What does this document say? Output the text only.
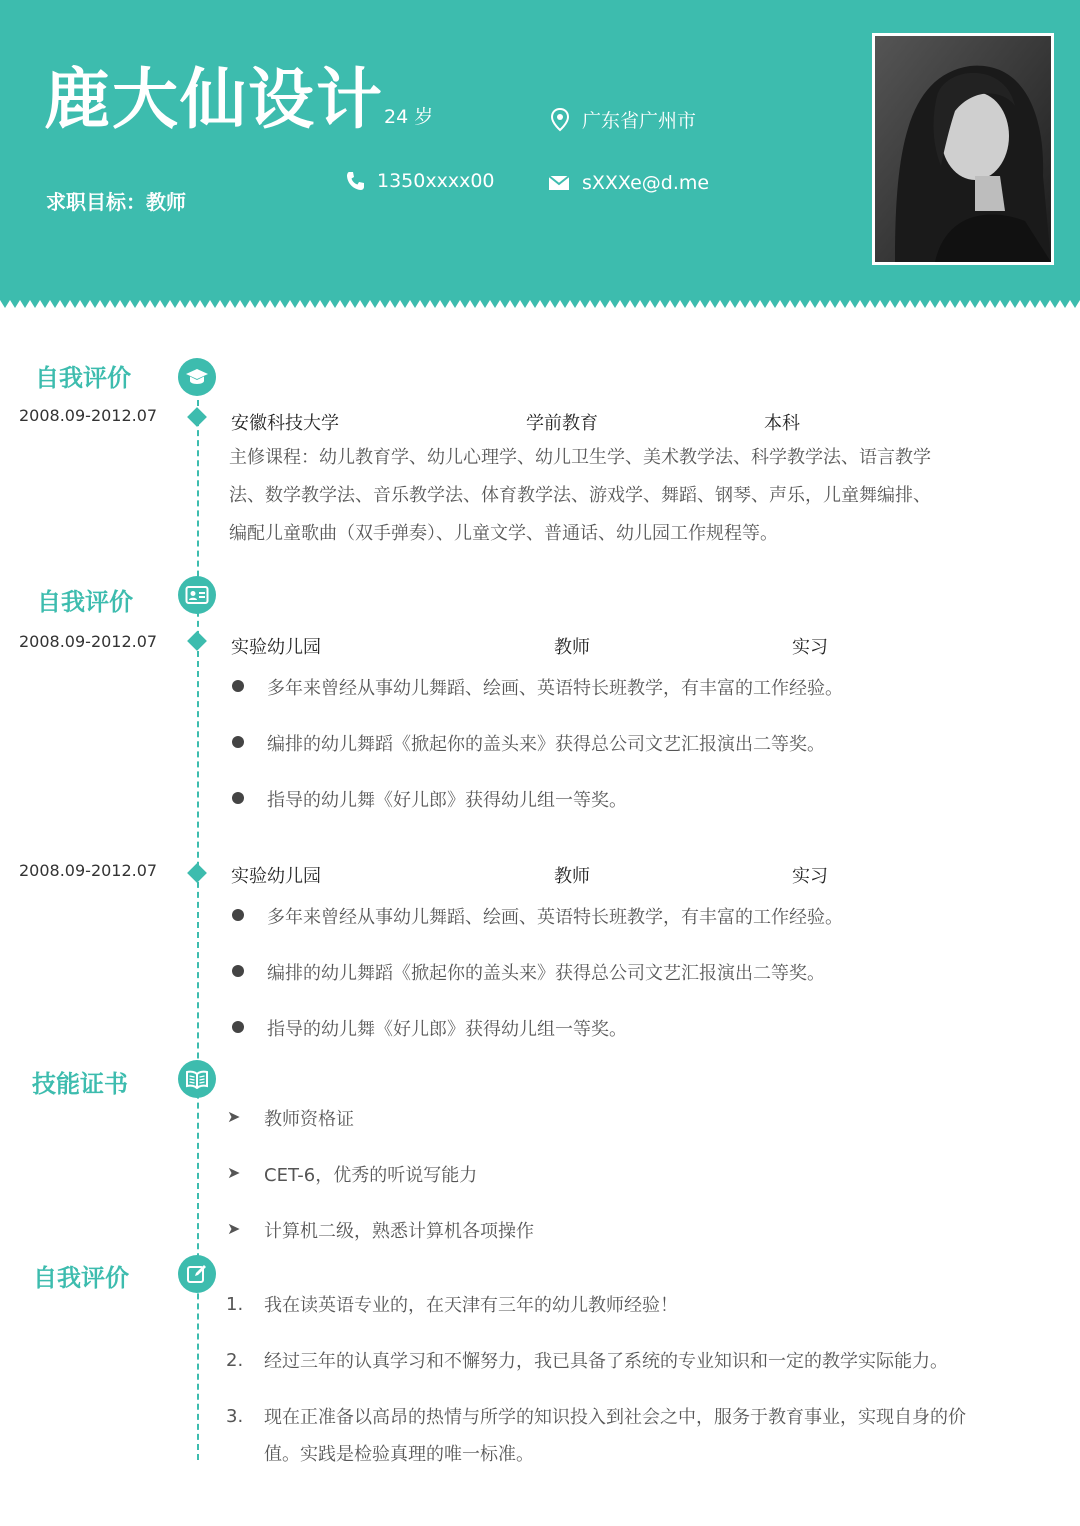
鹿大仙设计 24 岁
求职目标：教师
广东省广州市
1350xxxx00	sXXXe@d.me
自我评价
2008.09-2012.07	安徽科技大学	学前教育	本科
主修课程：幼儿教育学、幼儿心理学、幼儿卫生学、美术教学法、科学教学法、语言教学
法、数学教学法、音乐教学法、体育教学法、游戏学、舞蹈、钢琴、声乐，儿童舞编排、
编配儿童歌曲（双手弹奏）、儿童文学、普通话、幼儿园工作规程等。
自我评价
2008.09-2012.07	实验幼儿园	教师	实习
多年来曾经从事幼儿舞蹈、绘画、英语特长班教学，有丰富的工作经验。
编排的幼儿舞蹈《掀起你的盖头来》获得总公司文艺汇报演出二等奖。
指导的幼儿舞《好儿郎》获得幼儿组一等奖。
2008.09-2012.07	实验幼儿园	教师	实习
多年来曾经从事幼儿舞蹈、绘画、英语特长班教学，有丰富的工作经验。
编排的幼儿舞蹈《掀起你的盖头来》获得总公司文艺汇报演出二等奖。
指导的幼儿舞《好儿郎》获得幼儿组一等奖。
技能证书
➤ 教师资格证
➤ CET-6，优秀的听说写能力
➤ 计算机二级，熟悉计算机各项操作
自我评价
1. 我在读英语专业的，在天津有三年的幼儿教师经验！
2. 经过三年的认真学习和不懈努力，我已具备了系统的专业知识和一定的教学实际能力。
3. 现在正准备以高昂的热情与所学的知识投入到社会之中，服务于教育事业，实现自身的价值。实践是检验真理的唯一标准。
